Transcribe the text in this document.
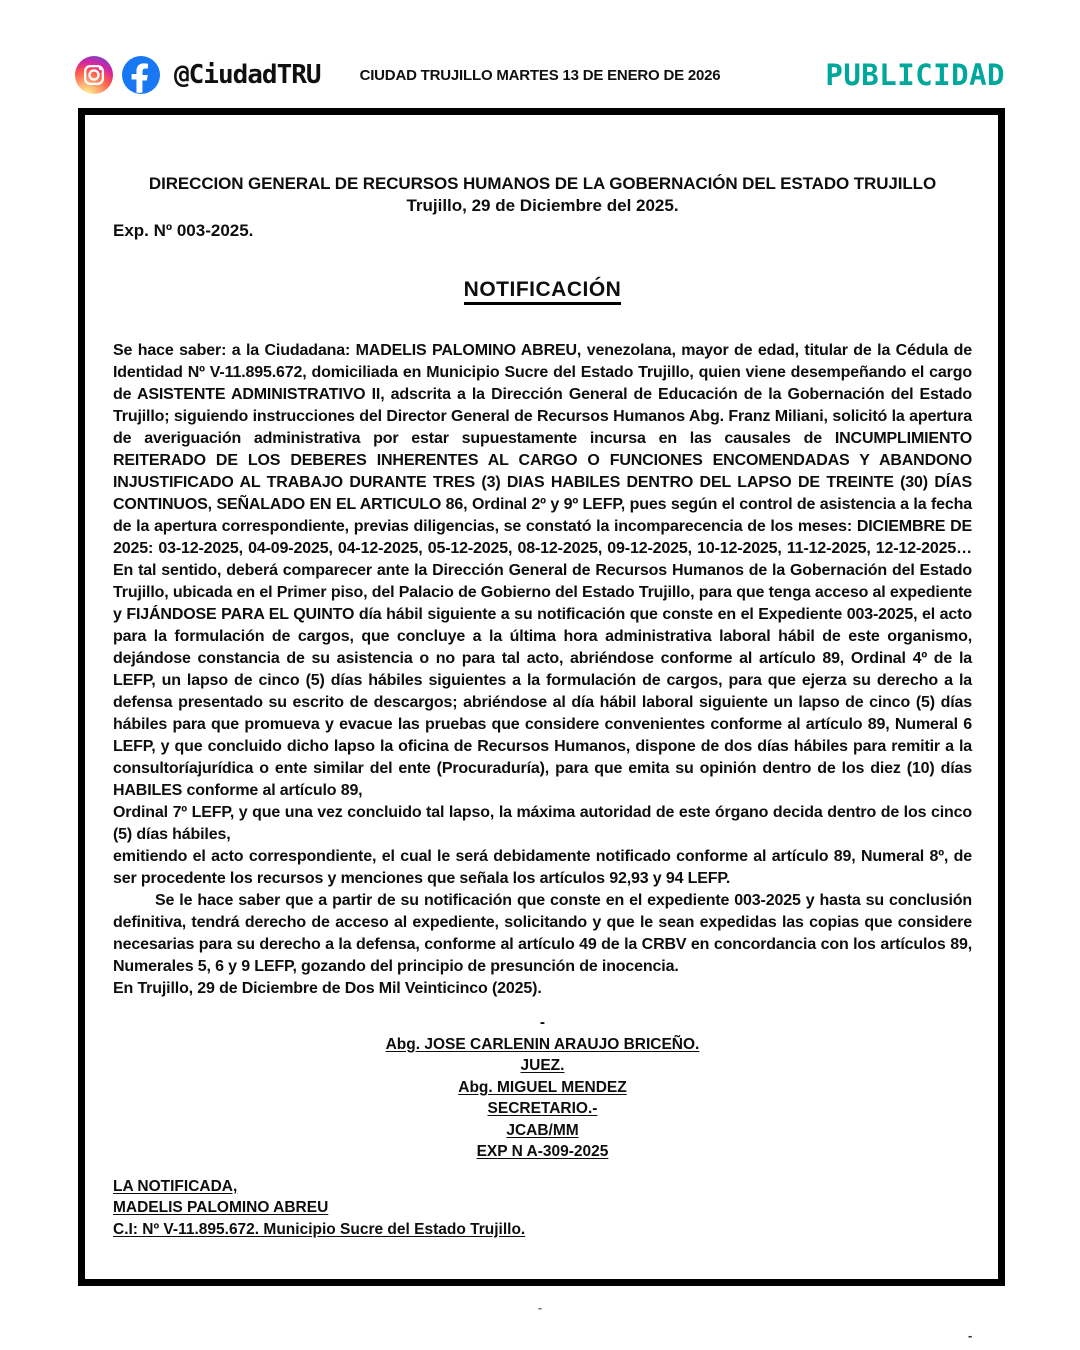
@CiudadTRU	CIUDAD TRUJILLO MARTES 13 DE ENERO DE 2026	PUBLICIDAD
DIRECCION GENERAL DE RECURSOS HUMANOS DE LA GOBERNACIÓN DEL ESTADO TRUJILLO
Trujillo, 29 de Diciembre del 2025.
Exp. Nº 003-2025.
NOTIFICACIÓN

Se hace saber: a la Ciudadana: MADELIS PALOMINO ABREU, venezolana, mayor de edad, titular de la Cédula de Identidad Nº V-11.895.672, domiciliada en Municipio Sucre del Estado Trujillo, quien viene desempeñando el cargo de ASISTENTE ADMINISTRATIVO II, adscrita a la Dirección General de Educación de la Gobernación del Estado Trujillo; siguiendo instrucciones del Director General de Recursos Humanos Abg. Franz Miliani, solicitó la apertura de averiguación administrativa por estar supuestamente incursa en las causales de INCUMPLIMIENTO REITERADO DE LOS DEBERES INHERENTES AL CARGO O FUNCIONES ENCOMENDADAS Y ABANDONO INJUSTIFICADO AL TRABAJO DURANTE TRES (3) DIAS HABILES DENTRO DEL LAPSO DE TREINTE (30) DÍAS CONTINUOS, SEÑALADO EN EL ARTICULO 86, Ordinal 2º y 9º LEFP, pues según el control de asistencia a la fecha de la apertura correspondiente, previas diligencias, se constató la incomparecencia de los meses: DICIEMBRE DE 2025: 03-12-2025, 04-09-2025, 04-12-2025, 05-12-2025, 08-12-2025, 09-12-2025, 10-12-2025, 11-12-2025, 12-12-2025… En tal sentido, deberá comparecer ante la Dirección General de Recursos Humanos de la Gobernación del Estado Trujillo, ubicada en el Primer piso, del Palacio de Gobierno del Estado Trujillo, para que tenga acceso al expediente y FIJÁNDOSE PARA EL QUINTO día hábil siguiente a su notificación que conste en el Expediente 003-2025, el acto para la formulación de cargos, que concluye a la última hora administrativa laboral hábil de este organismo, dejándose constancia de su asistencia o no para tal acto, abriéndose conforme al artículo 89, Ordinal 4º de la LEFP, un lapso de cinco (5) días hábiles siguientes a la formulación de cargos, para que ejerza su derecho a la defensa presentado su escrito de descargos; abriéndose al día hábil laboral siguiente un lapso de cinco (5) días hábiles para que promueva y evacue las pruebas que considere convenientes conforme al artículo 89, Numeral 6 LEFP, y que concluido dicho lapso la oficina de Recursos Humanos, dispone de dos días hábiles para remitir a la consultoríajurídica o ente similar del ente (Procuraduría), para que emita su opinión dentro de los diez (10) días HABILES conforme al artículo 89,

Ordinal 7º LEFP, y que una vez concluido tal lapso, la máxima autoridad de este órgano decida dentro de los cinco (5) días hábiles,

emitiendo el acto correspondiente, el cual le será debidamente notificado conforme al artículo 89, Numeral 8º, de ser procedente los recursos y menciones que señala los artículos 92,93 y 94 LEFP.

Se le hace saber que a partir de su notificación que conste en el expediente 003-2025 y hasta su conclusión definitiva, tendrá derecho de acceso al expediente, solicitando y que le sean expedidas las copias que considere necesarias para su derecho a la defensa, conforme al artículo 49 de la CRBV en concordancia con los artículos 89, Numerales 5, 6 y 9 LEFP, gozando del principio de presunción de inocencia.

En Trujillo, 29 de Diciembre de Dos Mil Veinticinco (2025).

-
Abg. JOSE CARLENIN ARAUJO BRICEÑO.
JUEZ.
Abg. MIGUEL MENDEZ
SECRETARIO.-
JCAB/MM
EXP N A-309-2025
LA NOTIFICADA,
MADELIS PALOMINO ABREU
C.I: Nº V-11.895.672. Municipio Sucre del Estado Trujillo.
-
-
